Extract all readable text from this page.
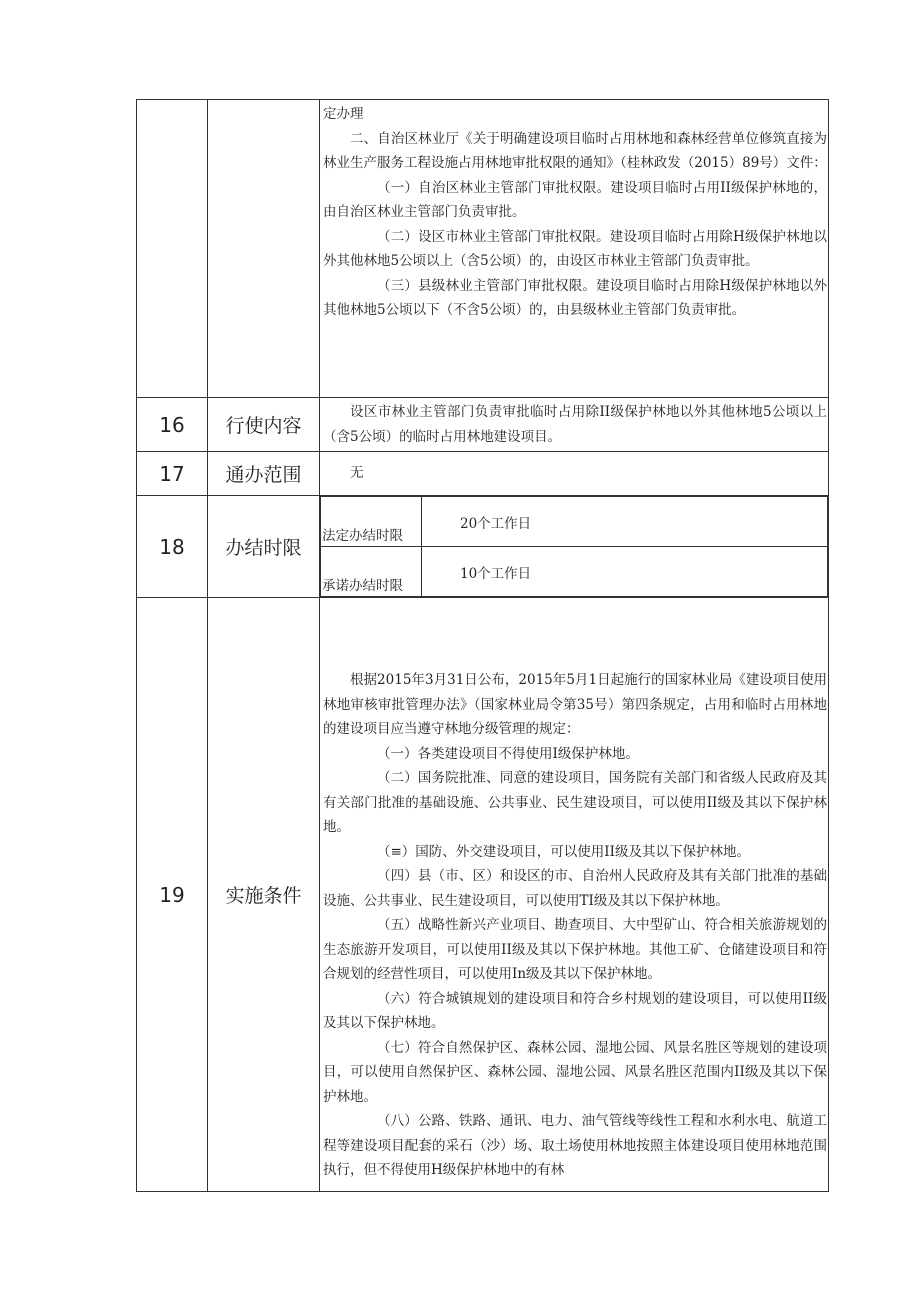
定办理

二、自治区林业厅《关于明确建设项目临时占用林地和森林经营单位修筑直接为林业生产服务工程设施占用林地审批权限的通知》（桂林政发（2015）89号）文件：

（一）自治区林业主管部门审批权限。建设项目临时占用II级保护林地的，由自治区林业主管部门负责审批。

（二）设区市林业主管部门审批权限。建设项目临时占用除H级保护林地以外其他林地5公顷以上（含5公顷）的，由设区市林业主管部门负责审批。

（三）县级林业主管部门审批权限。建设项目临时占用除H级保护林地以外其他林地5公顷以下（不含5公顷）的，由县级林业主管部门负责审批。

16	行使内容	

设区市林业主管部门负责审批临时占用除II级保护林地以外其他林地5公顷以上（含5公顷）的临时占用林地建设项目。

17	通办范围	无

18	办结时限	
法定办结时限	20个工作日
承诺办结时限	10个工作日

19	实施条件	

根据2015年3月31日公布，2015年5月1日起施行的国家林业局《建设项目使用林地审核审批管理办法》（国家林业局令第35号）第四条规定，占用和临时占用林地的建设项目应当遵守林地分级管理的规定：

（一）各类建设项目不得使用I级保护林地。

（二）国务院批准、同意的建设项目，国务院有关部门和省级人民政府及其有关部门批准的基础设施、公共事业、民生建设项目，可以使用II级及其以下保护林地。

（≡）国防、外交建设项目，可以使用II级及其以下保护林地。

（四）县（市、区）和设区的市、自治州人民政府及其有关部门批准的基础设施、公共事业、民生建设项目，可以使用TI级及其以下保护林地。

（五）战略性新兴产业项目、勘查项目、大中型矿山、符合相关旅游规划的生态旅游开发项目，可以使用II级及其以下保护林地。其他工矿、仓储建设项目和符合规划的经营性项目，可以使用In级及其以下保护林地。

（六）符合城镇规划的建设项目和符合乡村规划的建设项目，可以使用II级及其以下保护林地。

（七）符合自然保护区、森林公园、湿地公园、风景名胜区等规划的建设项目，可以使用自然保护区、森林公园、湿地公园、风景名胜区范围内II级及其以下保护林地。

（八）公路、铁路、通讯、电力、油气管线等线性工程和水利水电、航道工程等建设项目配套的采石（沙）场、取土场使用林地按照主体建设项目使用林地范围执行，但不得使用H级保护林地中的有林
